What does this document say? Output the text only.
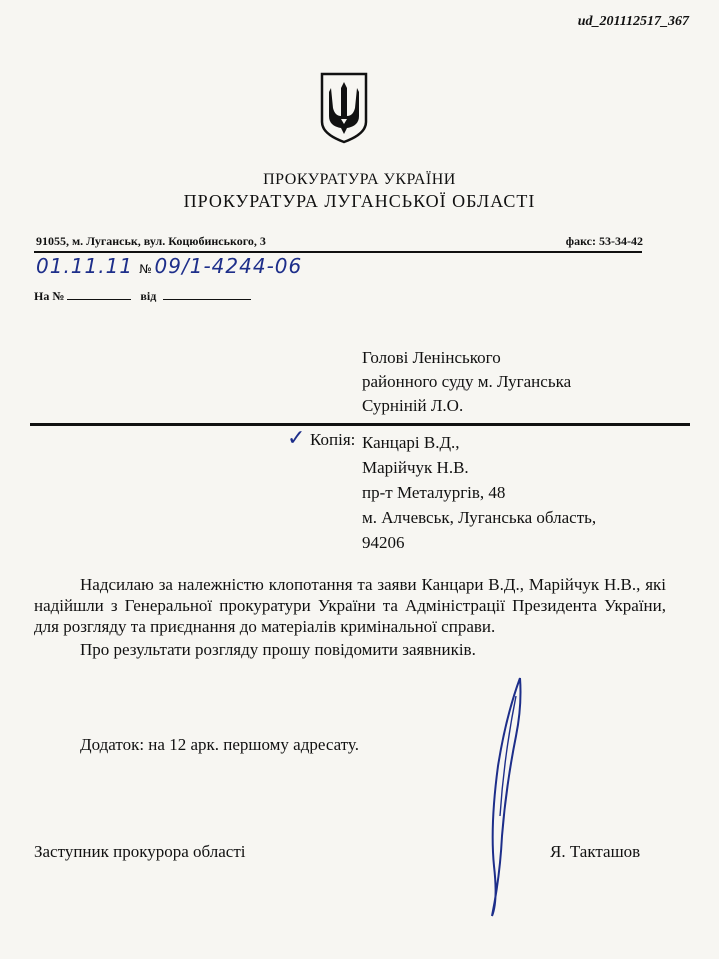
ud_201112517_367
ПРОКУРАТУРА УКРАЇНИ
ПРОКУРАТУРА ЛУГАНСЬКОЇ ОБЛАСТІ
91055, м. Луганськ, вул. Коцюбинського, 3	факс: 53-34-42
01.11.11 № 09/1-4244-06
На №	від
Голові Ленінського
районного суду м. Луганська
Сурніній Л.О.
✓ Копія: Канцарі В.Д.,
Марійчук Н.В.
пр-т Металургів, 48
м. Алчевськ, Луганська область,
94206

Надсилаю за належністю клопотання та заяви Канцари В.Д., Марійчук Н.В., які надійшли з Генеральної прокуратури України та Адміністрації Президента України, для розгляду та приєднання до матеріалів кримінальної справи.

Про результати розгляду прошу повідомити заявників.

Додаток: на 12 арк. першому адресату.
Заступник прокурора області	Я. Такташов
